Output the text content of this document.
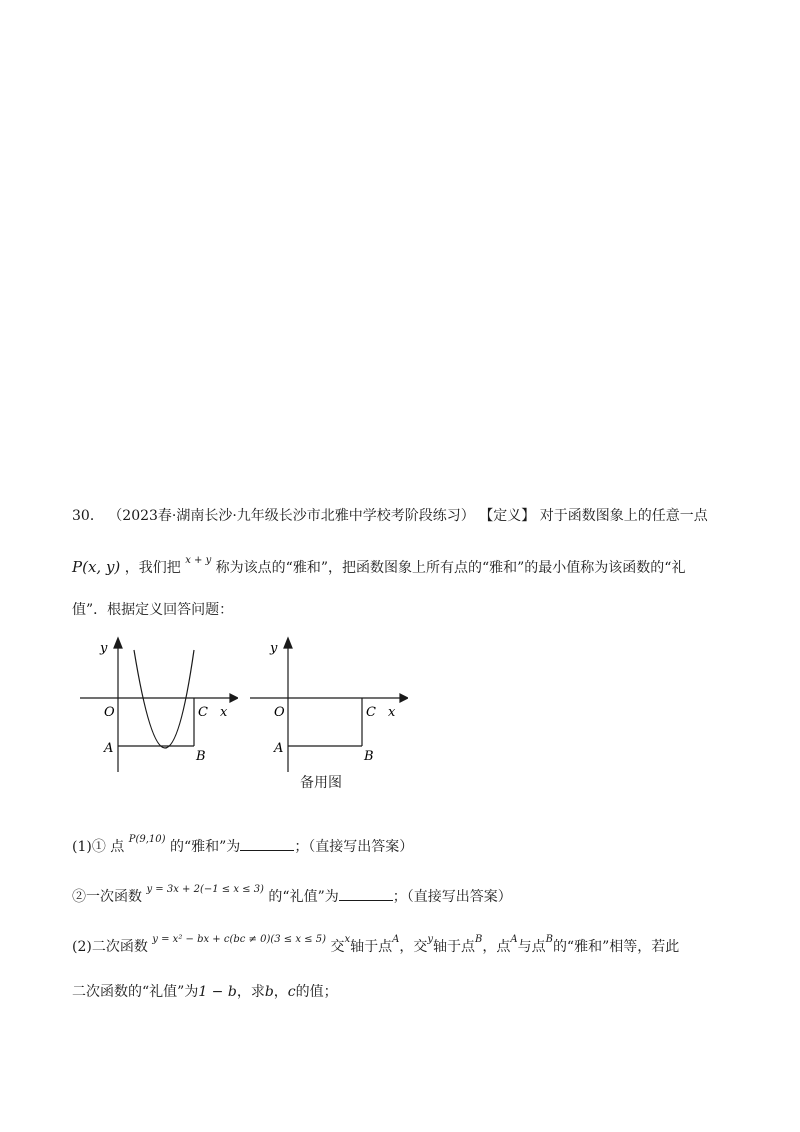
30． （2023春·湖南长沙·九年级长沙市北雅中学校考阶段练习） 【定义】 对于函数图象上的任意一点
P(x, y) ，我们把 $^{x + y}$ 称为该点的“雅和”，把函数图象上所有点的“雅和”的最小值称为该函数的“礼
值”．根据定义回答问题：
y
O	C x
A
B
y
O	C x
A
B
备用图
(1)① 点 $^{P(9,10)}$ 的“雅和”为	；（直接写出答案）
②一次函数 $^{y = 3x + 2(-1 \le x \le 3)}$ 的“礼值”为	；（直接写出答案）
(2)二次函数 $^{y = x^2 - bx + c(bc \ne 0)(3 \le x \le 5)}$ 交$^x$轴于点$^A$，交$^y$轴于点$^B$，点$^A$与点$^B$的“雅和”相等，若此
二次函数的“礼值”为1 − b，求b，c的值；
